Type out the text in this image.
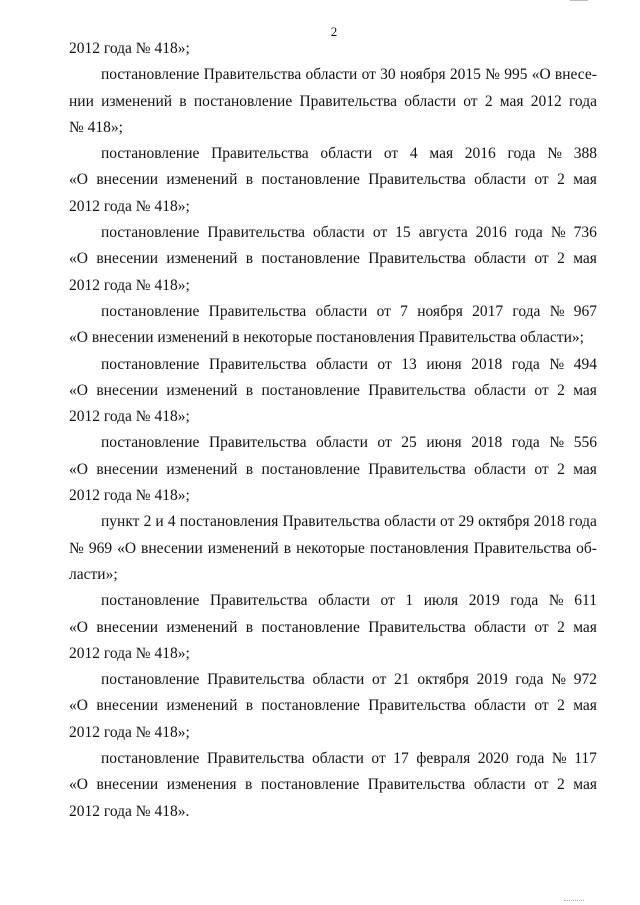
2
2012 года № 418»;
постановление Правительства области от 30 ноября 2015 № 995 «О внесе-
нии изменений в постановление Правительства области от 2 мая 2012 года
№ 418»;
постановление Правительства области от 4 мая 2016 года № 388
«О внесении изменений в постановление Правительства области от 2 мая
2012 года № 418»;
постановление Правительства области от 15 августа 2016 года № 736
«О внесении изменений в постановление Правительства области от 2 мая
2012 года № 418»;
постановление Правительства области от 7 ноября 2017 года № 967
«О внесении изменений в некоторые постановления Правительства области»;
постановление Правительства области от 13 июня 2018 года № 494
«О внесении изменений в постановление Правительства области от 2 мая
2012 года № 418»;
постановление Правительства области от 25 июня 2018 года № 556
«О внесении изменений в постановление Правительства области от 2 мая
2012 года № 418»;
пункт 2 и 4 постановления Правительства области от 29 октября 2018 года
№ 969 «О внесении изменений в некоторые постановления Правительства об-
ласти»;
постановление Правительства области от 1 июля 2019 года № 611
«О внесении изменений в постановление Правительства области от 2 мая
2012 года № 418»;
постановление Правительства области от 21 октября 2019 года № 972
«О внесении изменений в постановление Правительства области от 2 мая
2012 года № 418»;
постановление Правительства области от 17 февраля 2020 года № 117
«О внесении изменения в постановление Правительства области от 2 мая
2012 года № 418».
